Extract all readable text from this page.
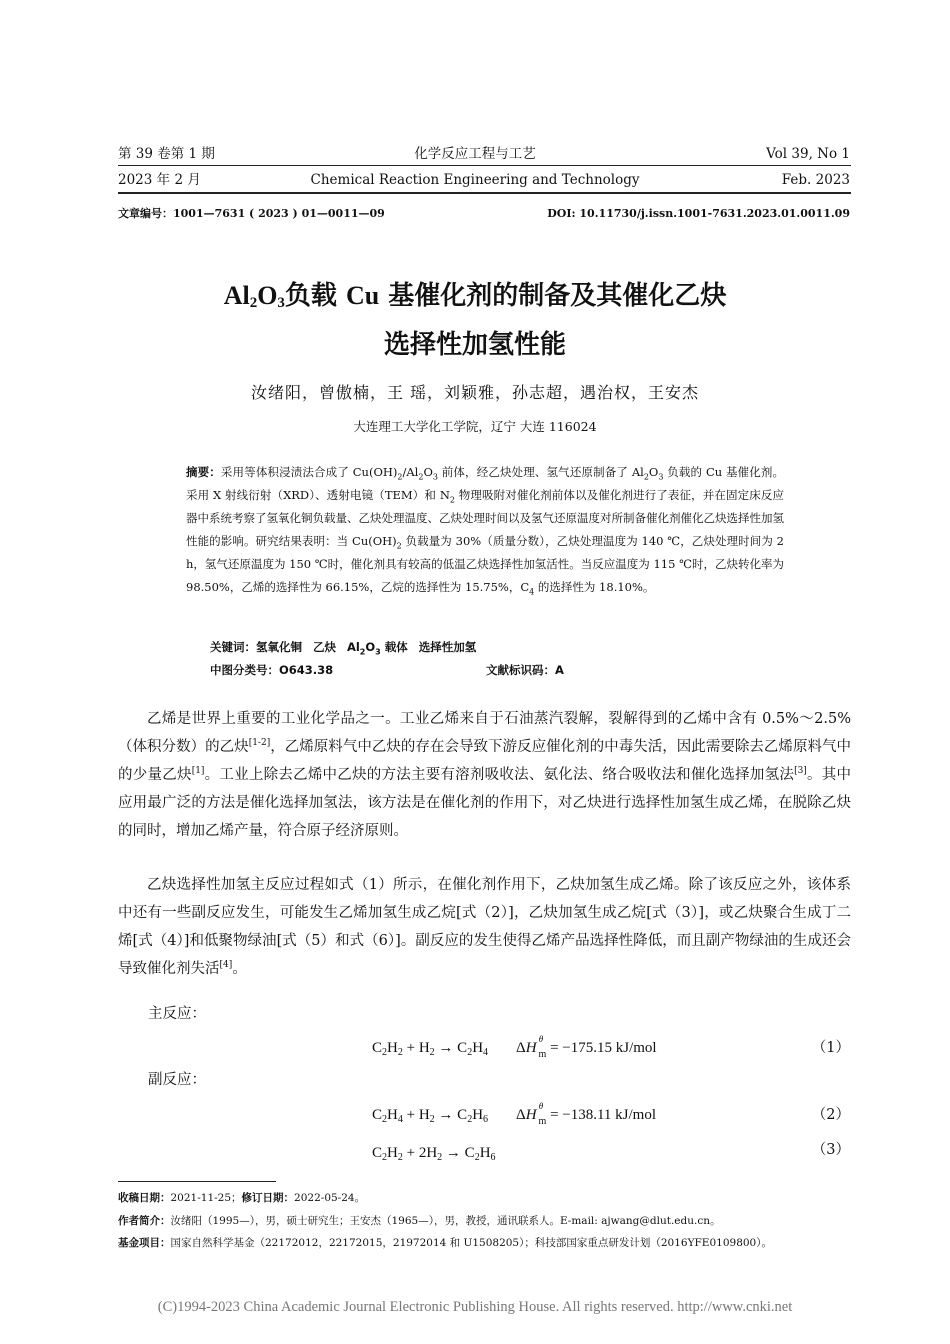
第 39 卷第 1 期	化学反应工程与工艺	Vol 39, No 1
2023 年 2 月	Chemical Reaction Engineering and Technology	Feb. 2023
文章编号：1001—7631 ( 2023 ) 01—0011—09	DOI: 10.11730/j.issn.1001-7631.2023.01.0011.09
$Al_2O_3$负载 Cu 基催化剂的制备及其催化乙炔
选择性加氢性能
汝绪阳，曾傲楠，王 瑶，刘颖雅，孙志超，遇治权，王安杰
大连理工大学化工学院，辽宁 大连 116024
摘要：采用等体积浸渍法合成了 $Cu(OH)_2/Al_2O_3$ 前体，经乙炔处理、氢气还原制备了 $Al_2O_3$ 负载的 Cu 基催化剂。采用 X 射线衍射（XRD）、透射电镜（TEM）和 $N_2$ 物理吸附对催化剂前体以及催化剂进行了表征，并在固定床反应器中系统考察了氢氧化铜负载量、乙炔处理温度、乙炔处理时间以及氢气还原温度对所制备催化剂催化乙炔选择性加氢性能的影响。研究结果表明：当 $Cu(OH)_2$ 负载量为 30%（质量分数），乙炔处理温度为 140 ℃，乙炔处理时间为 2 h，氢气还原温度为 150 ℃时，催化剂具有较高的低温乙炔选择性加氢活性。当反应温度为 115 ℃时，乙炔转化率为 98.50%，乙烯的选择性为 66.15%，乙烷的选择性为 15.75%，$C_4$ 的选择性为 18.10%。
关键词：氢氧化铜 乙炔 $Al_2O_3$ 载体 选择性加氢
中图分类号：O643.38	文献标识码：A

乙烯是世界上重要的工业化学品之一。工业乙烯来自于石油蒸汽裂解，裂解得到的乙烯中含有 0.5%～2.5%（体积分数）的乙炔[1-2]，乙烯原料气中乙炔的存在会导致下游反应催化剂的中毒失活，因此需要除去乙烯原料气中的少量乙炔[1]。工业上除去乙烯中乙炔的方法主要有溶剂吸收法、氨化法、络合吸收法和催化选择加氢法[3]。其中应用最广泛的方法是催化选择加氢法，该方法是在催化剂的作用下，对乙炔进行选择性加氢生成乙烯，在脱除乙炔的同时，增加乙烯产量，符合原子经济原则。

乙炔选择性加氢主反应过程如式（1）所示，在催化剂作用下，乙炔加氢生成乙烯。除了该反应之外，该体系中还有一些副反应发生，可能发生乙烯加氢生成乙烷[式（2）]，乙炔加氢生成乙烷[式（3）]，或乙炔聚合生成丁二烯[式（4）]和低聚物绿油[式（5）和式（6）]。副反应的发生使得乙烯产品选择性降低，而且副产物绿油的生成还会导致催化剂失活[4]。

主反应：
$C_2H_2 + H_2 \to C_2H_4$ ΔH
θ
$_m$ = −175.15 kJ/mol	（1）
副反应：
$C_2H_4 + H_2 \to C_2H_6$ ΔH
θ
$_m$ = −138.11 kJ/mol	（2）
$C_2H_2 + 2H_2 \to C_2H_6$	（3）
收稿日期：2021-11-25；修订日期：2022-05-24。
作者简介：汝绪阳（1995—），男，硕士研究生；王安杰（1965—），男，教授，通讯联系人。E-mail: ajwang@dlut.edu.cn。
基金项目：国家自然科学基金（22172012，22172015，21972014 和 U1508205）；科技部国家重点研发计划（2016YFE0109800）。
(C)1994-2023 China Academic Journal Electronic Publishing House. All rights reserved. http://www.cnki.net
